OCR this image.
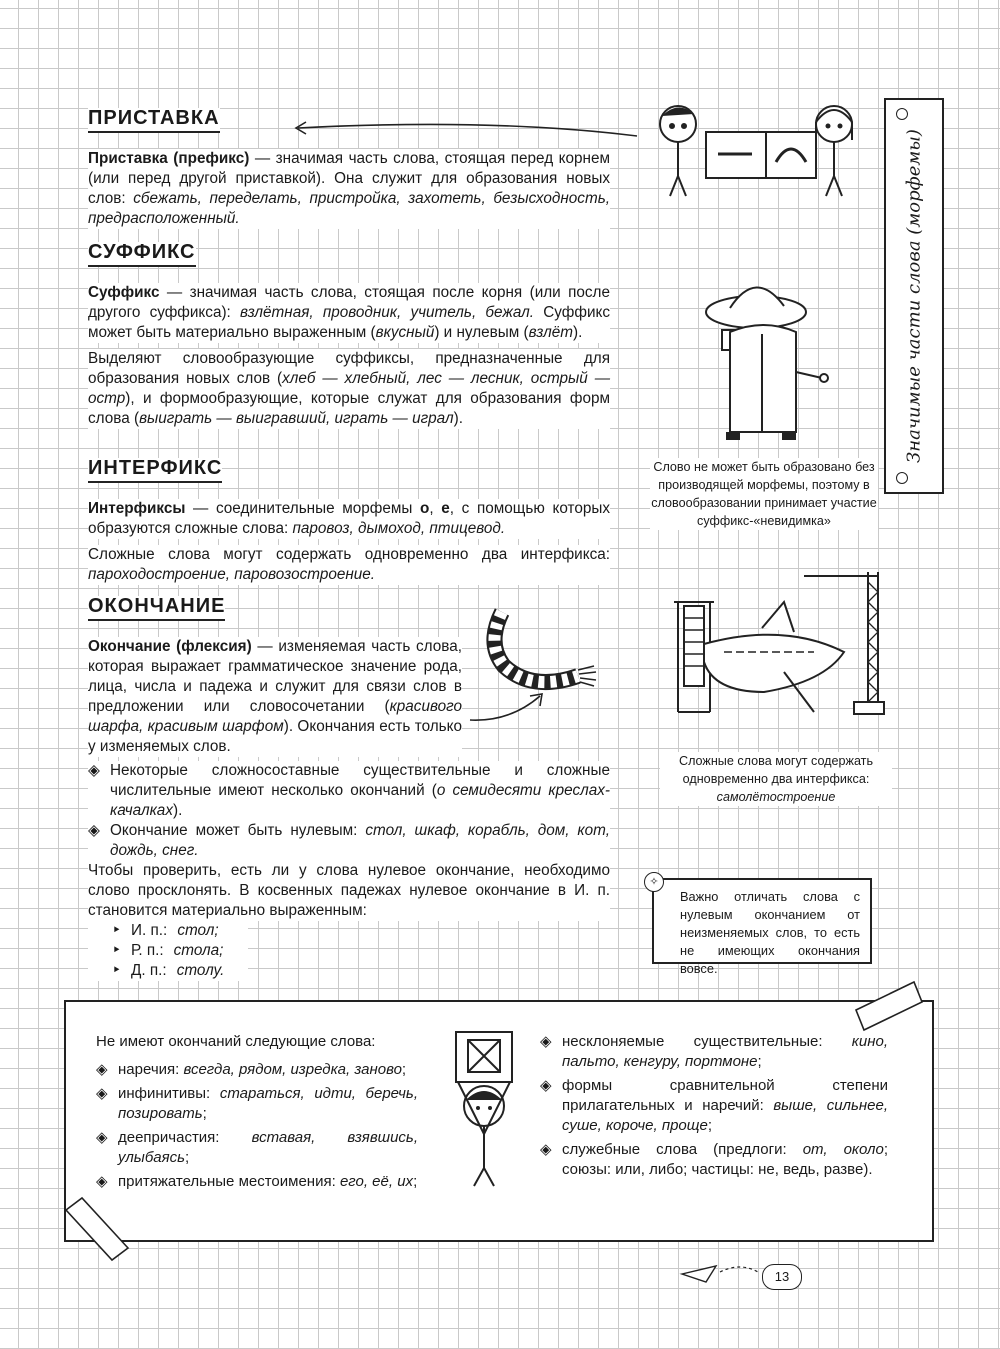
ПРИСТАВКА

Приставка (префикс) — значимая часть слова, стоящая перед корнем (или перед другой приставкой). Она служит для образования новых слов: сбежать, переделать, пристройка, захотеть, безысходность, предрасположенный.

СУФФИКС

Суффикс — значимая часть слова, стоящая после корня (или после другого суффикса): взлётная, проводник, учитель, бежал. Суффикс может быть материально выраженным (вкусный) и нулевым (взлёт).

Выделяют словообразующие суффиксы, предназначенные для образования новых слов (хлеб — хлебный, лес — лесник, острый — остр), и формообразующие, которые служат для образования форм слова (выиграть — выигравший, играть — играл).

ИНТЕРФИКС

Интерфиксы — соединительные морфемы о, е, с помощью которых образуются сложные слова: паровоз, дымоход, птицевод.

Сложные слова могут содержать одновременно два интерфикса: пароходостроение, паровозостроение.

ОКОНЧАНИЕ

Окончание (флексия) — изменяемая часть слова, которая выражает грамматическое значение рода, лица, числа и падежа и служит для связи слов в предложении или словосочетании (красивого шарфа, красивым шарфом). Окончания есть только у изменяемых слов.

◈ Некоторые сложносоставные существительные и сложные числительные имеют несколько окончаний (о семидесяти креслах-качалках).

◈ Окончание может быть нулевым: стол, шкаф, корабль, дом, кот, дождь, снег.

Чтобы проверить, есть ли у слова нулевое окончание, необходимо слово просклонять. В косвенных падежах нулевое окончание в И. п. становится материально выраженным:

‣ И. п.: стол;
‣ Р. п.: стола;
‣ Д. п.: столу.
Слово не может быть образовано без производящей морфемы, поэтому в словообразовании принимает участие суффикс-«невидимка»
Сложные слова могут содержать одновременно два интерфикса:
самолётостроение
Значимые части слова (морфемы)
✧
Важно отличать слова с нулевым окончанием от неизменяемых слов, то есть не имеющих окончания вовсе.

Не имеют окончаний следующие слова:

◈ наречия: всегда, рядом, изредка, заново;

◈ инфинитивы: стараться, идти, беречь, позировать;

◈ деепричастия: вставая, взявшись, улыбаясь;

◈ притяжательные местоимения: его, её, их;

◈ несклоняемые существительные: кино, пальто, кенгуру, портмоне;

◈ формы сравнительной степени прилагательных и наречий: выше, сильнее, суше, короче, проще;

◈ служебные слова (предлоги: от, около; союзы: или, либо; частицы: не, ведь, разве).

13
